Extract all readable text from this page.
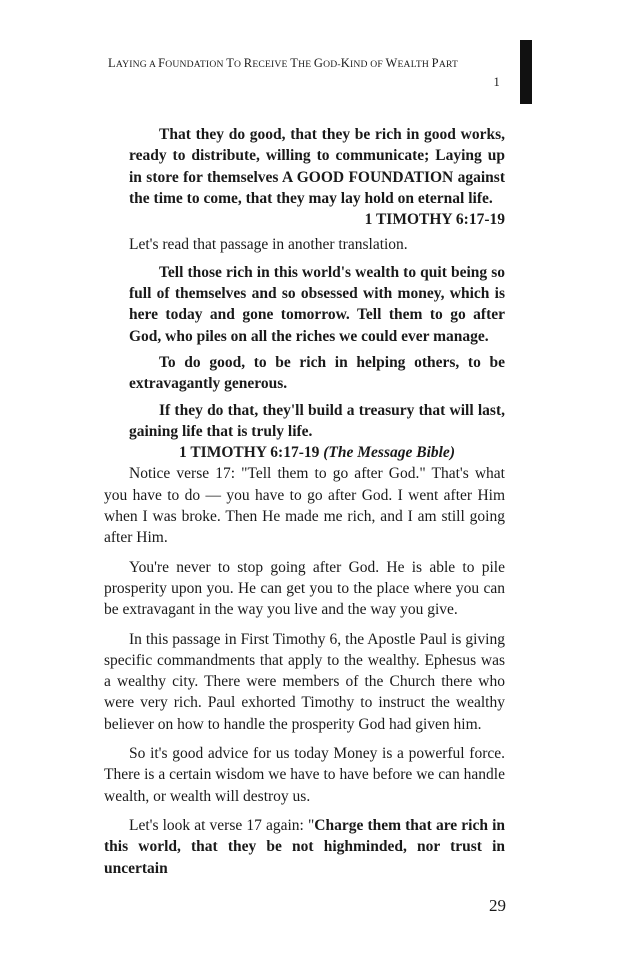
LAYING A FOUNDATION TO RECEIVE THE GOD-KIND OF WEALTH PART
1

That they do good, that they be rich in good works, ready to distribute, willing to communicate; Laying up in store for themselves A GOOD FOUNDATION against the time to come, that they may lay hold on eternal life.

1 TIMOTHY 6:17-19

Let's read that passage in another translation.

Tell those rich in this world's wealth to quit being so full of themselves and so obsessed with money, which is here today and gone tomorrow. Tell them to go after God, who piles on all the riches we could ever manage.

To do good, to be rich in helping others, to be extravagantly generous.

If they do that, they'll build a treasury that will last, gaining life that is truly life.

1 TIMOTHY 6:17-19 (The Message Bible)

Notice verse 17: "Tell them to go after God." That's what you have to do — you have to go after God. I went after Him when I was broke. Then He made me rich, and I am still going after Him.

You're never to stop going after God. He is able to pile prosperity upon you. He can get you to the place where you can be extravagant in the way you live and the way you give.

In this passage in First Timothy 6, the Apostle Paul is giving specific commandments that apply to the wealthy. Ephesus was a wealthy city. There were members of the Church there who were very rich. Paul exhorted Timothy to instruct the wealthy believer on how to handle the prosperity God had given him.

So it's good advice for us today Money is a powerful force. There is a certain wisdom we have to have before we can handle wealth, or wealth will destroy us.

Let's look at verse 17 again: "Charge them that are rich in this world, that they be not highminded, nor trust in uncertain

29
